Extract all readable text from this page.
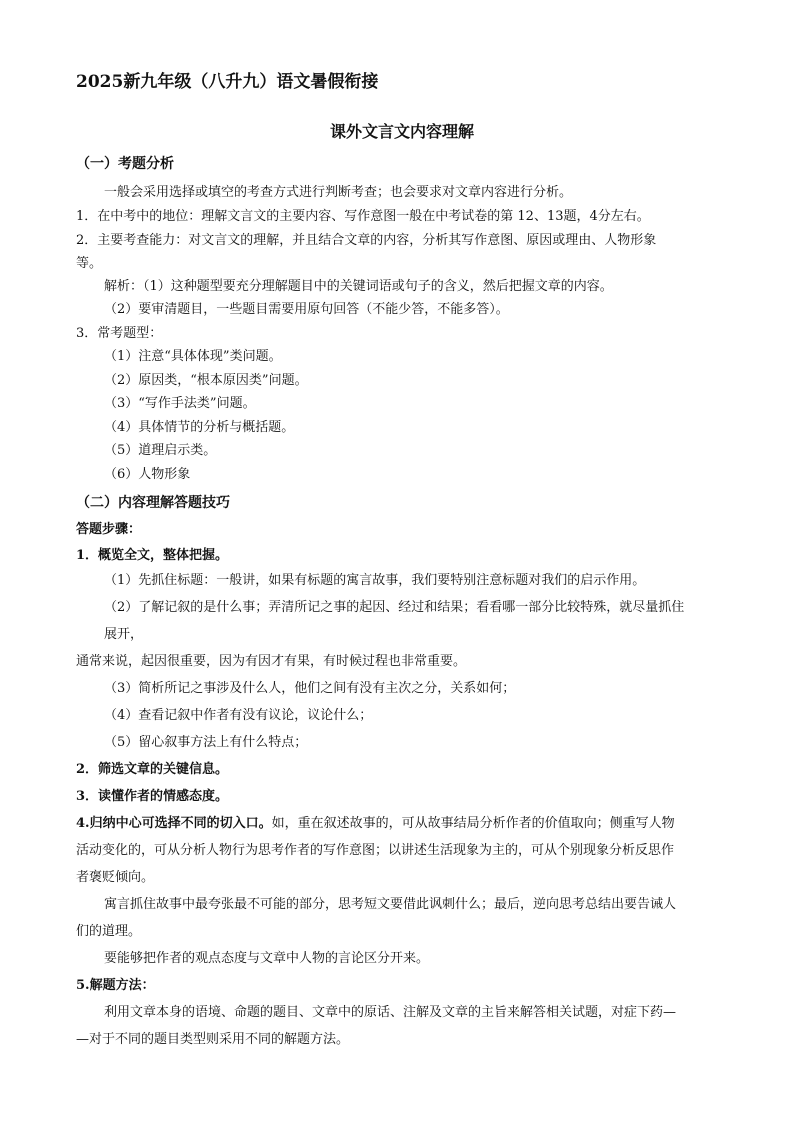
2025新九年级（八升九）语文暑假衔接
课外文言文内容理解
（一）考题分析
一般会采用选择或填空的考查方式进行判断考查；也会要求对文章内容进行分析。
1．在中考中的地位：理解文言文的主要内容、写作意图一般在中考试卷的第 12、13题，4分左右。
2．主要考查能力：对文言文的理解，并且结合文章的内容，分析其写作意图、原因或理由、人物形象
等。
解析：（1）这种题型要充分理解题目中的关键词语或句子的含义，然后把握文章的内容。
（2）要审清题目，一些题目需要用原句回答（不能少答，不能多答）。
3．常考题型：
（1）注意“具体体现”类问题。
（2）原因类，“根本原因类”问题。
（3）“写作手法类”问题。
（4）具体情节的分析与概括题。
（5）道理启示类。
（6）人物形象
（二）内容理解答题技巧
答题步骤：
1．概览全文，整体把握。
（1）先抓住标题：一般讲，如果有标题的寓言故事，我们要特别注意标题对我们的启示作用。
（2）了解记叙的是什么事；弄清所记之事的起因、经过和结果；看看哪一部分比较特殊，就尽量抓住
展开，
通常来说，起因很重要，因为有因才有果，有时候过程也非常重要。
（3）简析所记之事涉及什么人，他们之间有没有主次之分，关系如何；
（4）查看记叙中作者有没有议论，议论什么；
（5）留心叙事方法上有什么特点；
2．筛选文章的关键信息。
3．读懂作者的情感态度。
4.归纳中心可选择不同的切入口。如，重在叙述故事的，可从故事结局分析作者的价值取向；侧重写人物
活动变化的，可从分析人物行为思考作者的写作意图；以讲述生活现象为主的，可从个别现象分析反思作
者褒贬倾向。
寓言抓住故事中最夸张最不可能的部分，思考短文要借此讽刺什么；最后，逆向思考总结出要告诫人
们的道理。
要能够把作者的观点态度与文章中人物的言论区分开来。
5.解题方法：
利用文章本身的语境、命题的题目、文章中的原话、注解及文章的主旨来解答相关试题，对症下药—
—对于不同的题目类型则采用不同的解题方法。
